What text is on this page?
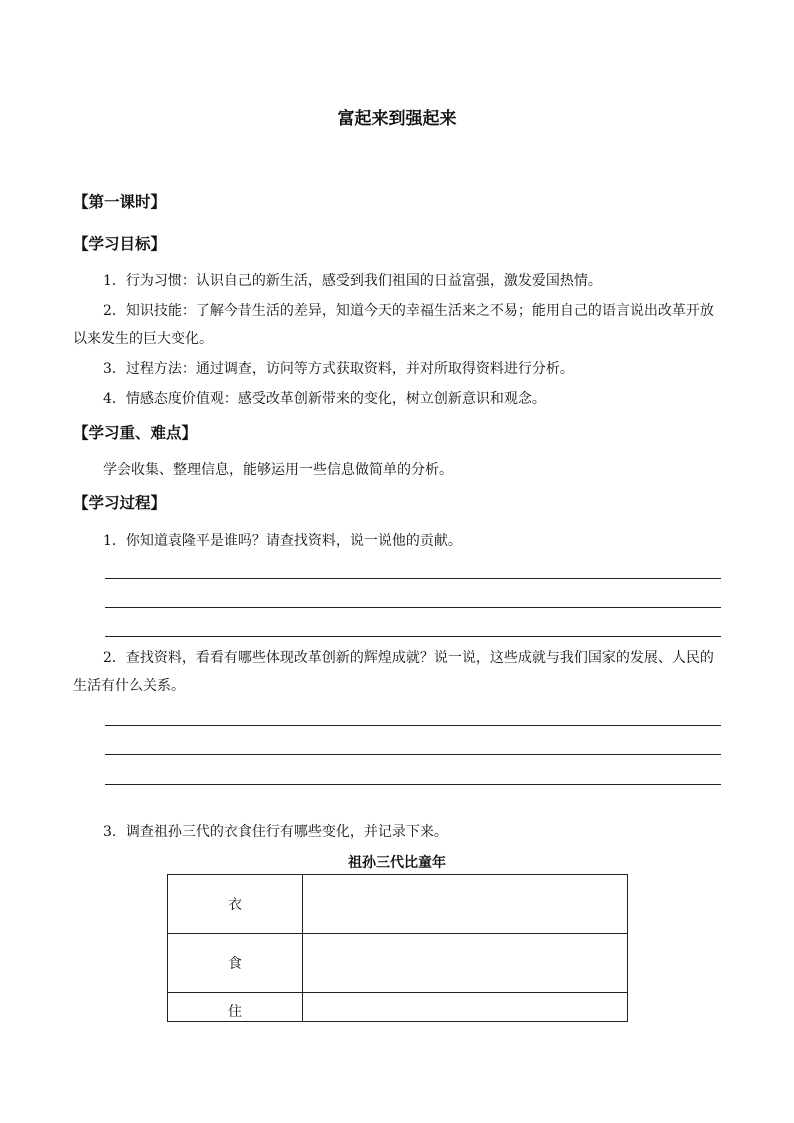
富起来到强起来
【第一课时】
【学习目标】
1．行为习惯：认识自己的新生活，感受到我们祖国的日益富强，激发爱国热情。
2．知识技能：了解今昔生活的差异，知道今天的幸福生活来之不易；能用自己的语言说出改革开放以来发生的巨大变化。
3．过程方法：通过调查，访问等方式获取资料，并对所取得资料进行分析。
4．情感态度价值观：感受改革创新带来的变化，树立创新意识和观念。
【学习重、难点】
学会收集、整理信息，能够运用一些信息做简单的分析。
【学习过程】
1．你知道袁隆平是谁吗？请查找资料，说一说他的贡献。
2．查找资料，看看有哪些体现改革创新的辉煌成就？说一说，这些成就与我们国家的发展、人民的生活有什么关系。
3．调查祖孙三代的衣食住行有哪些变化，并记录下来。
祖孙三代比童年
衣	
食	
住	
